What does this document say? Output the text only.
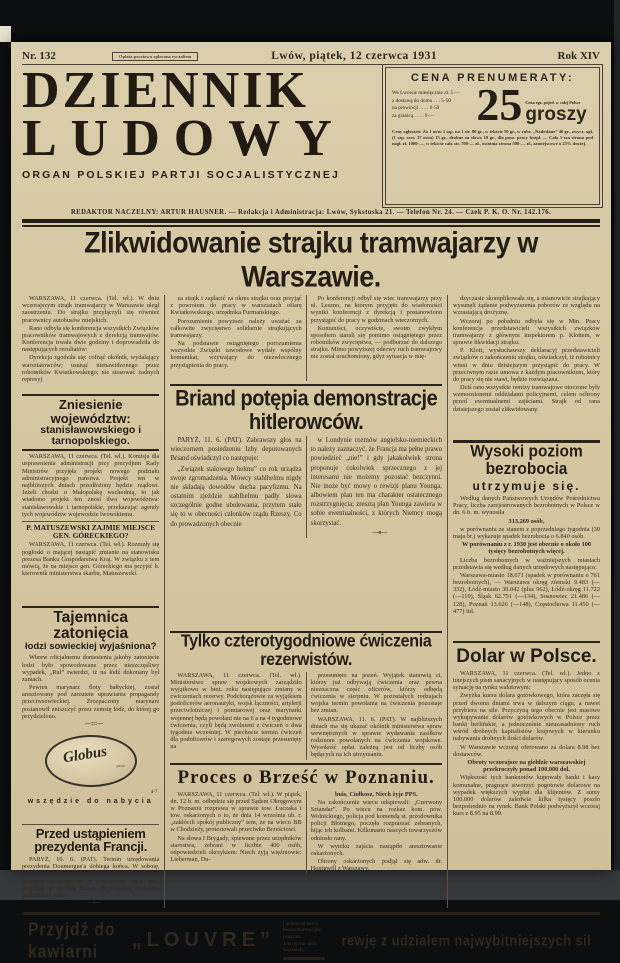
Nr. 132	Opłata pocztowa opłacona ryczałtem	Lwów, piątek, 12 czerwca 1931	Rok XIV
DZIENNIK
LUDOWY
ORGAN POLSKIEJ PARTJI SOCJALISTYCZNEJ
CENA PRENUMERATY:
We Lwowie miesięcznie zł. 5·—
z dostawą do domu . . . 5·50
na prowincji . . . . 6·50
za granicą . . . . 9·— 25 Cena egz. pojed. w całej Polsce
groszy
Ceny ogłoszeń: Za 1 m/m 1 szp. na 1 str. 80 gr., w tekście 50 gr., w rubr. „Nadesłane” 40 gr., zwycz. ogł. (1 szp. szer. 37 m/m) 15 gr., drobne za słowo 10 gr., dla posz. pracy bezpł. — Cała 1-sza strona pod nagł. zł. 1000·—, w tekście cała str. 700·— zł., ostatnia strona 500·— zł., zamiejscowe o 25% drożej.
REDAKTOR NACZELNY: ARTUR HAUSNER. — Redakcja i Administracja: Lwów, Sykstuska 21. — Telefon Nr. 24. — Czek P. K. O. Nr. 142.176.
Zlikwidowanie strajku tramwajarzy w Warszawie.

WARSZAWA, 11 czerwca. (Tel. wł.). W dniu wczorajszym strajk tramwajarzy w Warszawie uległ zaostrzeniu. Do strajku przyłączyli się również pracownicy autobusów miejskich.

Rano odbyła się konferencja wszystkich Związków pracowników tramwajowych z dyrekcją tramwajów. Konferencja trwała dwie godziny i doprowadziła do następujących rezultatów:

Dyrekcja zgodziła się: cofnąć okólnik, wydalający warsztatowców; usunąć nienawidzonego przez robotników Kwiatkowskiego; nie stosować żadnych represyj

Zniesienie województw:
stanisławowskiego i tarnopolskiego.

WARSZAWA, 11 czerwca. (Tel. wł.). Komisja dla usprawnienia administracji przy prezydjum Rady Ministrów przyjęła projekt nowego podziału administracyjnego państwa. Projekt ten w najbliższych dniach przedłożony będzie rządowi. Jeżeli chodzi o Małopolskę wschodnią, to jak wiadomo projekt ten znosi dwa województwa: stanisławowskie i tarnopolskie, przekazując agendy tych województw wojewodzie lwowskiemu.

P. MATUSZEWSKI ZAJMIE MIEJSCE
GEN. GÓRECKIEGO?

WARSZAWA, 11 czerwca. (Tel. wł.). Rozeszły się pogłoski o mającej nastąpić zmianie na stanowisku prezesa Banku Gospodarstwa Kraj. W związku z tem mówią, że na miejsce gen. Góreckiego ma przyjść b. kierownik ministerstwa skarbu, Matuszewski.

Tajemnica zatonięcia
łodzi sowieckiej wyjaśniona?

Wbrew oficjalnemu doniesieniu jakoby zatonięcie łodzi było spowodowane przez nieszczęśliwy wypadek, „Rul” twierdzi, iż na łódź dokonany był zamach.

Pewien marynarz floty bałtyckiej, został aresztowany pod zarzutem uprawiania propagandy przeciwsowieckiej. Zrozpaczony marynarz postanowił zniszczyć przez zemstę łódź, do której go przydzielono.

—:::—

Globus pasta
4-7
wszędzie do nabycia
Przed ustąpieniem prezydenta Francji.

PARYŻ, 10. 6. (PAT). Termin urzędowania prezydenta Doumergue'a dobiega końca. W sobotę, dnia 13 bm. przekaże on swe pełnomocnictwa nowemu prezydentowi a wieczorem tegoż dnia wyjedzie w okolicę Tuluzy do majątku niedawno poślubionej żony.

—o—

za strajk i zapłacić za okres strajku oraz przyjąć z powrotem do pracy w warsztatach ofiarę Kwiatkowskiego, urzędnika Furmańskiego.

Porozumienie powyższe należy uważać za całkowite zwycięstwo solidarnie strajkujących tramwajarzy.

Na podstawie osiągniętego porozumienia wszystkie Związki zawodowe wydały wspólny komunikat, wzywający do niezwłocznego przystąpienia do pracy.

Po konferencji odbył się wiec tramwajarzy przy ul. Leszno, na którym przyjęto do wiadomości wyniki konferencji z dyrekcją i postanowiono przystąpić do pracy w godzinach wieczornych.

Komuniści, oczywiście, swoim zwykłym sposobem starali się pomimo osiągniętego przez robotników zwycięstwa, — podburzać do dalszego strajku. Mimo powyższej odezwy ruch tramwajowy nie został uruchomiony, gdyż sytuacja w mię-

Briand potępia demonstracje hitlerowców.

PARYŻ, 11. 6. (PAT). Zabrawszy głos na wieczornem posiedzeniu Izby deputowanych Briand oświadczył co następuje:

„Związek stalowego hełmu” co rok urządza swoje zgromadzenia. Mówcy stahlhelmu nigdy nie składają dowodów ducha pacyfizmu. Na ostatnim zjeździe stahlhelmu padły słowa szczególnie godne ubolewania, przytem stało się to w obecności członków rządu Rzeszy. Co do prowadzonych obecnie

w Londynie rozmów angielsko-niemieckich to należy zaznaczyć, że Francja ma pełne prawo powiedzieć „nie!” i gdy jakakolwiek strona proponuje cokolwiek sprzecznego z jej interesami nie możemy pozostać bezczynni. Nie może być mowy o rewizji planu Younga, albowiem plan ten ma charakter ostatecznego rozstrzygnięcia; zresztą plan Younga zawiera w sobie ewentualności, z których Niemcy mogą skorzystać.

—o—

Tylko czterotygodniowe ćwiczenia rezerwistów.

WARSZAWA, 11 czerwca. (Tel. wł.). Ministerstwo spraw wojskowych zarządziło wyjątkowo w bież. roku następujące zmiany w ćwiczeniach rezerwy. Podchorążowie za wyjątkiem podoficerów aeronautyki, wojsk łączności, artylerji przeciwlotniczej i pomiarowej oraz marynarki wojennej będą powołani nie na 6 a na 4 tygodniowe ćwiczenia, czyli będą zwolnieni z ćwiczeń o dwa tygodnie wcześniej. W piechocie termin ćwiczeń dla podoficerów i szeregowych zostaje przesunięty na

przesunięto na jesień. Wyjątek stanowią ci, którzy już odbywają ćwiczenia oraz pewna nieznaczna część oficerów, którzy odbędą ćwiczenia w sierpniu. W pozostałych rodzajach wojska termin powołania na ćwiczenia pozostaje bez zmian.

WARSZAWA, 11. 6. (PAT). W najbliższych dniach ma się ukazać okólnik ministerstwa spraw wewnętrznych w sprawie wydawania zasiłków rodzinom powołanych na ćwiczenia wojskowe. Wysokość opłat zależną jest od liczby osób będących na ich utrzymaniu.

Proces o Brześć w Poznaniu.

WARSZAWA, 11 czerwca. (Tel. wł.). W piątek, dn. 12 b. m. odbędzie się przed Sądem Okręgowym w Poznaniu rozprawa w sprawie tow. Łuczaka i tow. oskarżonych o to, że dnia 14 września ub. r. „zakłócili spokój publiczny” tem, że na wiecu BB w Chodzieży, protestowali przeciwko Brześciowi.

Na słowa I Brygady, śpiewane przez urzędników starostwa, zebrani w liczbie 400 osób, odpowiedzieli okrzykiem: Niech żyją więźniowie: Lieberman, Du-

buis, Ciołkosz, Niech żyje PPS.

Na zakończenie wiecu odśpiewali: „Czerwony Sztandar”. Po wiecu na rozkaz kom. pow. Wolnickiego, policja pod komendą st. przodownika policji Błotnego, poczęła rozpraszać zebranych, bijąc ich kolbami. Kilkunastu naszych towarzyszów odniosło rany.

W wyniku zajścia nastąpiło aresztowanie oskarżonych.

Obrony oskarżonych podjął się adw. dr. Honigwill z Warszawy.

dzyczasie skomplikowała się, a mianowicie strajkujący wysunęli żądanie podwyższenia poborów ze względu na wzrastającą drożyznę.

Wczoraj po południu odbyła się w Min. Pracy konferencja przedstawicieli wszystkich związków tramwajarzy z głównym inspektorem p. Klottem, w sprawie likwidacji strajku.

P. Klott, wysłuchawszy deklaracyj przedstawicieli związków o zakończeniu strajku, oświadczył, iż robotnicy winni w dniu dzisiejszym przystąpić do pracy. W przeciwnym razie umowa z każdym pracownikiem, który do pracy się nie stawi, będzie rozwiązana.

Dziś rano wszystkie remizy tramwajowe otoczone były wzmocnionemi oddziałami policyjnemi, celem ochrony przed ewentualnemi zajściami. Strajk od rana dzisiejszego został zlikwidowany.

Wysoki poziom bezrobocia
utrzymuje się.

Według danych Państwowych Urzędów Pośrednictwa Pracy, liczba zarejestrowanych bezrobotnych w Polsce w dn. 6 b. m. wynosiła

313.269 osób,

w porównaniu ze stanem z poprzedniego tygodnia (30 maja br.) wykazuje spadek bezrobocia o 6.840 osób.

W porównaniu z r. 1930 jest obecnie o około 100 tysięcy bezrobotnych więcej.

Liczba bezrobotnych w ważniejszych miastach przedstawia się według danych urzędowych następująco:

Warszawa-miasto 18.671 (spadek w porównaniu o 761 bezrobotnych), — Warszawa okręg ziemski 9.483 (—332), Łódź-miasto 30.042 (plus 962), Łódź-okręg 11.722 (—119), Śląsk 62.751 (—134), Sosnowiec 21.486 (—128), Poznań 13.626 (—148), Częstochowa 11.450 (—477) itd.

Dolar w Polsce.

WARSZAWA, 11 czerwca. (Tel. wł.). Jedno z tutejszych pism sanacyjnych w następujący sposób ocenia sytuację na rynku walutowym:

Zwyżka kursu dolara gotówkowego, która zaczęła się przed dwoma dniami trwa w dalszym ciągu, a nawet przybiera na sile. Przyczyną tego obecnie jest masowe wykupywanie dolarów gotówkowych w Polsce przez banki berlińskie, a jednocześnie nieuzasadniony ruch wśród drobnych kapitalistów krajowych w kierunku nabywania drobnych ilości dolarów.

W Warszawie wczoraj oferowano za dolara 8.98 bez dostawców.

Obroty wczorajsze na giełdzie warszawskiej przekroczyły ponad 100.000 dol.

Większość tych banknotów kupowały banki i kasy komunalne, pragnące stworzyć pogotowie dolarowe na wypadek większych wypłat dla klijentów. Z sumy 100.000 dolarów zaledwie kilka tysięcy poszło bezpośrednio na rynek. Bank Polski podwyższył wczoraj kurs z 8.95 na 8.99.

Przyjdź do kawiarni	„LOUVRE”
i podziwiaj nowy bezkonkurencyjny
program artystyczny oraz wspaniałą
rewję z udziałem najwybitniejszych sił
